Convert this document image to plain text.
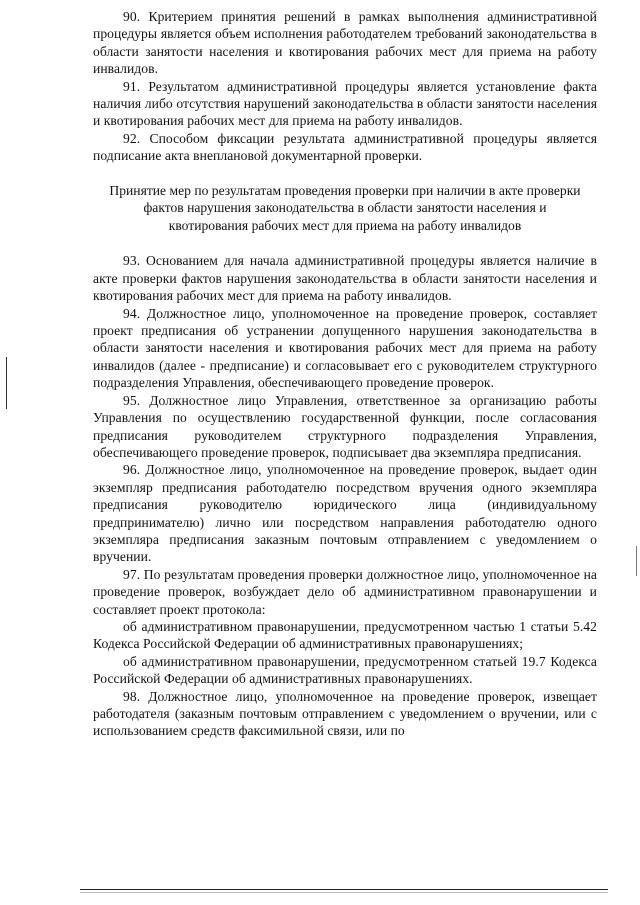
90. Критерием принятия решений в рамках выполнения административной процедуры является объем исполнения работодателем требований законодательства в области занятости населения и квотирования рабочих мест для приема на работу инвалидов.

91. Результатом административной процедуры является установление факта наличия либо отсутствия нарушений законодательства в области занятости населения и квотирования рабочих мест для приема на работу инвалидов.

92. Способом фиксации результата административной процедуры является подписание акта внеплановой документарной проверки.

Принятие мер по результатам проведения проверки при наличии в акте проверки фактов нарушения законодательства в области занятости населения и квотирования рабочих мест для приема на работу инвалидов

93. Основанием для начала административной процедуры является наличие в акте проверки фактов нарушения законодательства в области занятости населения и квотирования рабочих мест для приема на работу инвалидов.

94. Должностное лицо, уполномоченное на проведение проверок, составляет проект предписания об устранении допущенного нарушения законодательства в области занятости населения и квотирования рабочих мест для приема на работу инвалидов (далее - предписание) и согласовывает его с руководителем структурного подразделения Управления, обеспечивающего проведение проверок.

95. Должностное лицо Управления, ответственное за организацию работы Управления по осуществлению государственной функции, после согласования предписания руководителем структурного подразделения Управления, обеспечивающего проведение проверок, подписывает два экземпляра предписания.

96. Должностное лицо, уполномоченное на проведение проверок, выдает один экземпляр предписания работодателю посредством вручения одного экземпляра предписания руководителю юридического лица (индивидуальному предпринимателю) лично или посредством направления работодателю одного экземпляра предписания заказным почтовым отправлением с уведомлением о вручении.

97. По результатам проведения проверки должностное лицо, уполномоченное на проведение проверок, возбуждает дело об административном правонарушении и составляет проект протокола:

об административном правонарушении, предусмотренном частью 1 статьи 5.42 Кодекса Российской Федерации об административных правонарушениях;

об административном правонарушении, предусмотренном статьей 19.7 Кодекса Российской Федерации об административных правонарушениях.

98. Должностное лицо, уполномоченное на проведение проверок, извещает работодателя (заказным почтовым отправлением с уведомлением о вручении, или с использованием средств факсимильной связи, или по
